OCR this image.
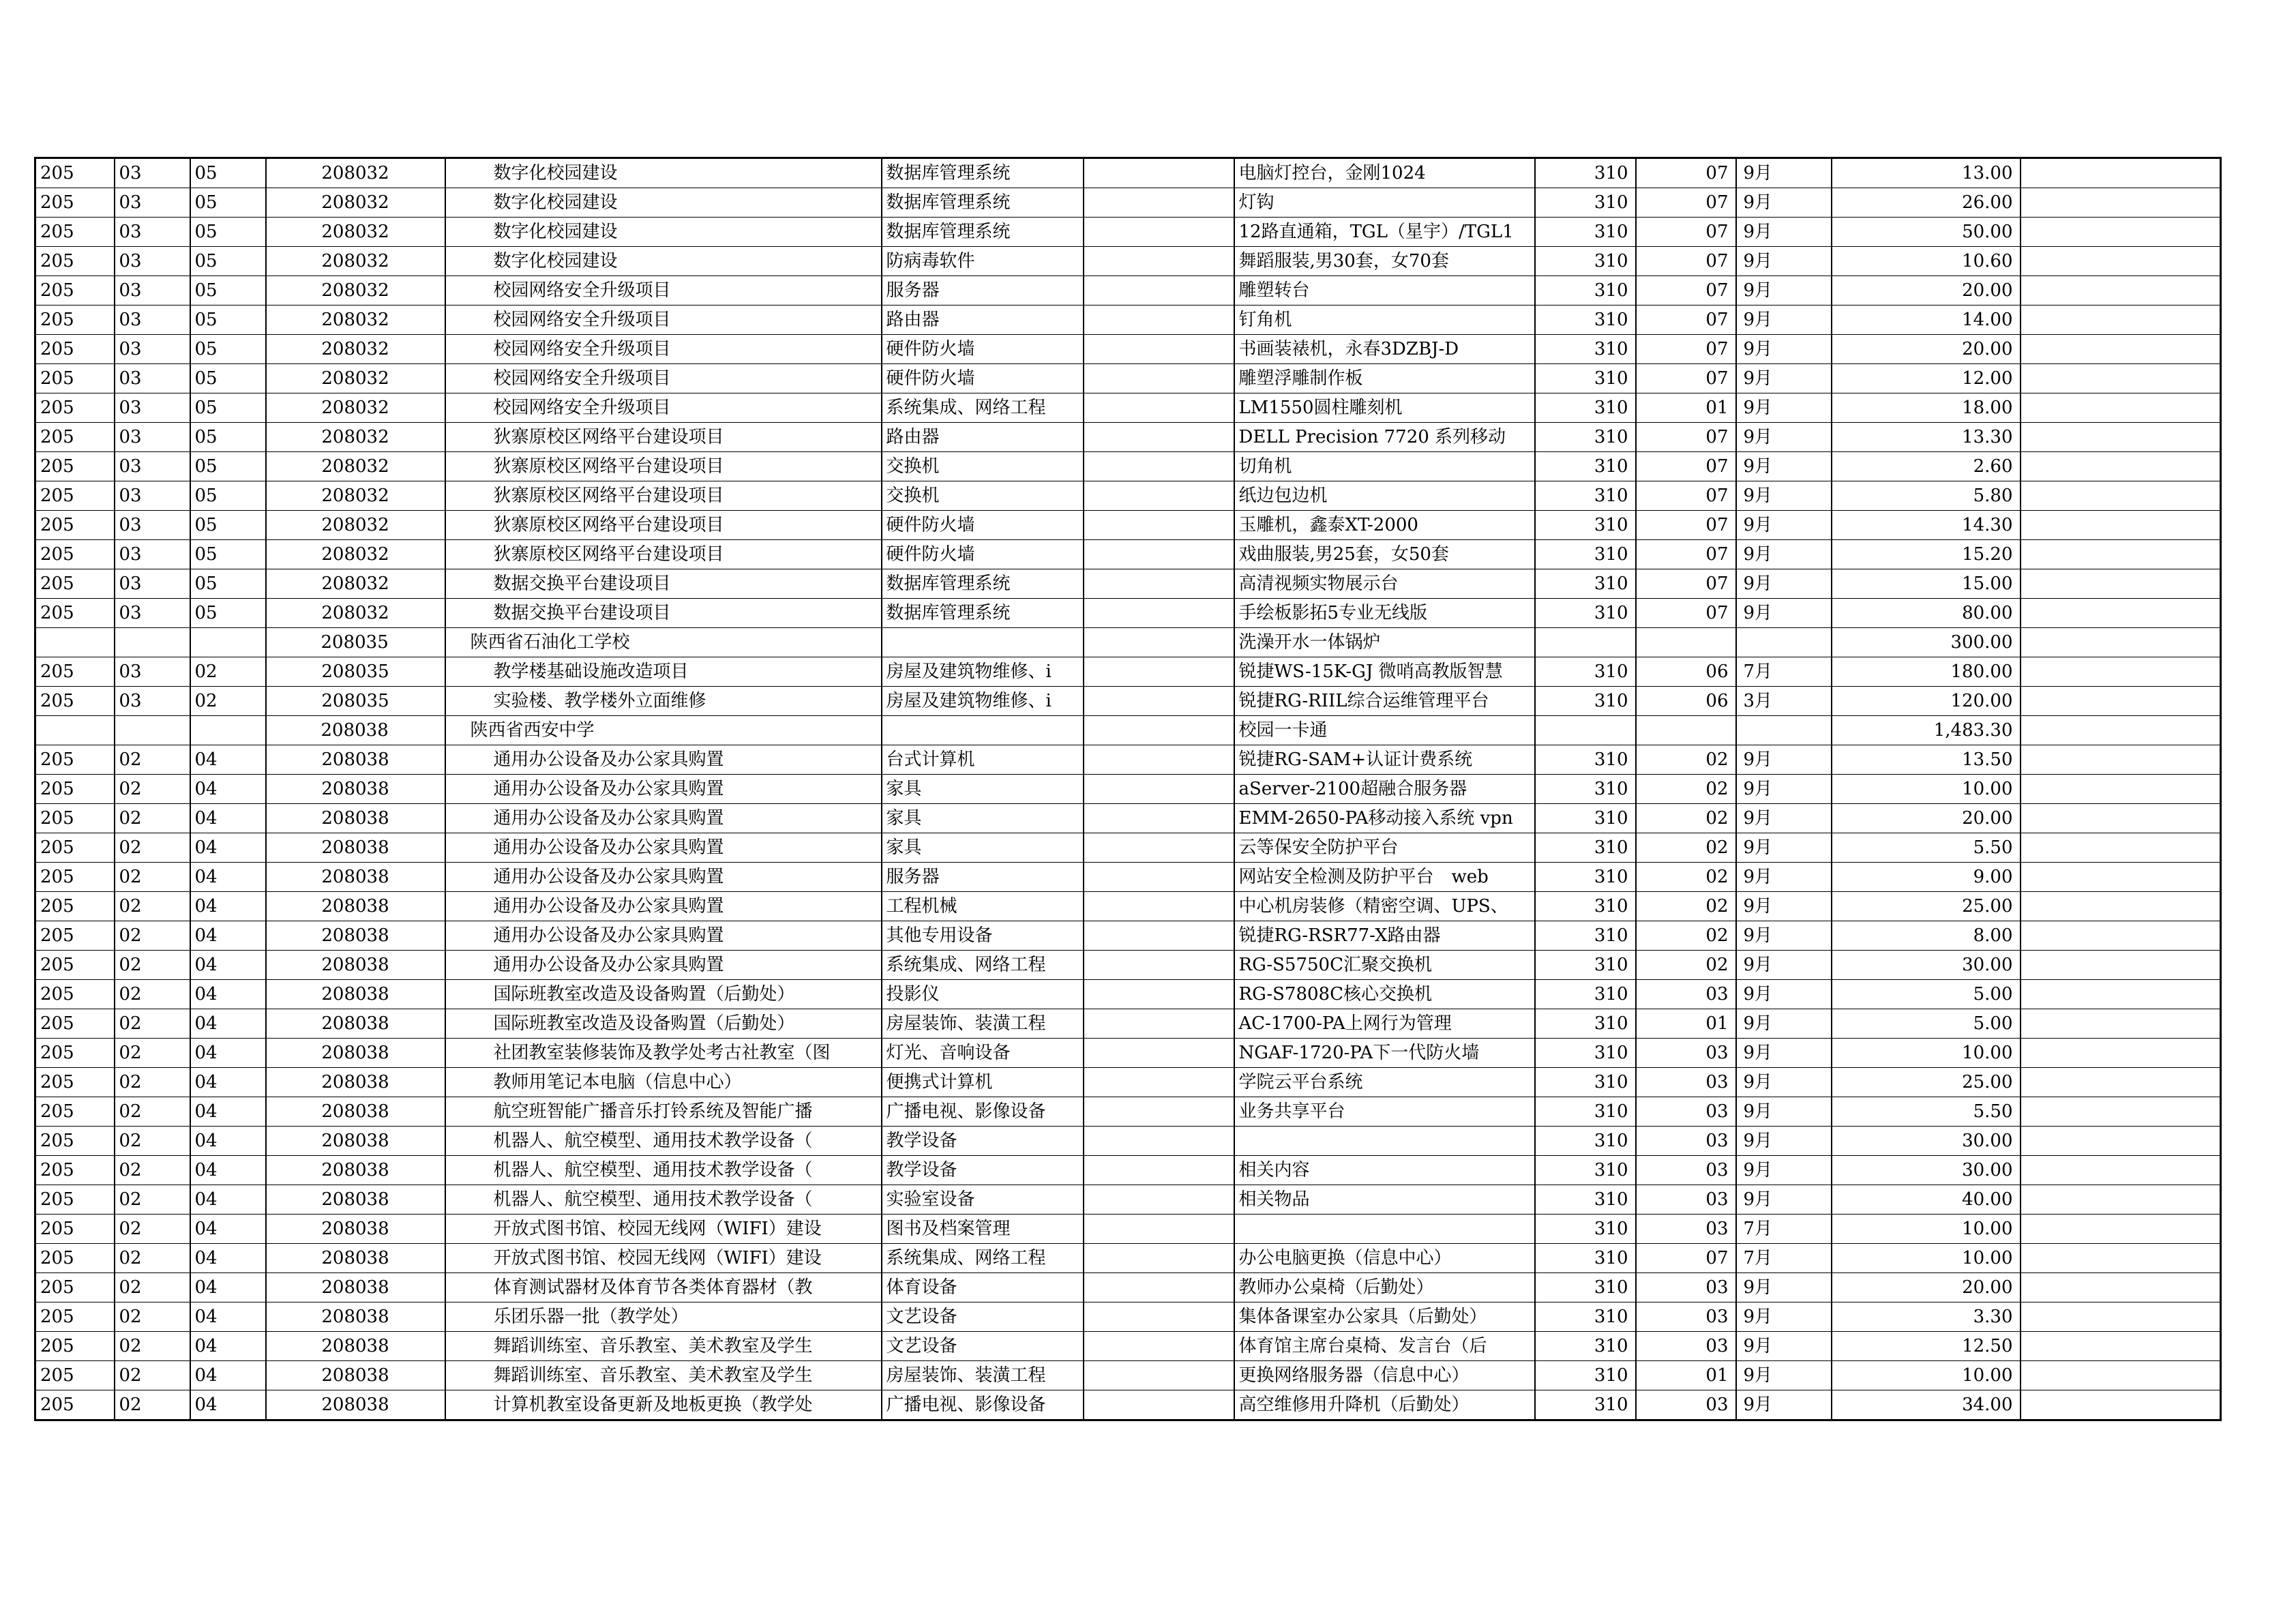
205	03	05	208032	数字化校园建设	数据库管理系统		电脑灯控台，金刚1024	310	07	9月	13.00	
205	03	05	208032	数字化校园建设	数据库管理系统		灯钩	310	07	9月	26.00	
205	03	05	208032	数字化校园建设	数据库管理系统		12路直通箱，TGL（星宇）/TGL1	310	07	9月	50.00	
205	03	05	208032	数字化校园建设	防病毒软件		舞蹈服装,男30套，女70套	310	07	9月	10.60	
205	03	05	208032	校园网络安全升级项目	服务器		雕塑转台	310	07	9月	20.00	
205	03	05	208032	校园网络安全升级项目	路由器		钉角机	310	07	9月	14.00	
205	03	05	208032	校园网络安全升级项目	硬件防火墙		书画装裱机，永春3DZBJ-D	310	07	9月	20.00	
205	03	05	208032	校园网络安全升级项目	硬件防火墙		雕塑浮雕制作板	310	07	9月	12.00	
205	03	05	208032	校园网络安全升级项目	系统集成、网络工程		LM1550圆柱雕刻机	310	01	9月	18.00	
205	03	05	208032	狄寨原校区网络平台建设项目	路由器		DELL Precision 7720 系列移动	310	07	9月	13.30	
205	03	05	208032	狄寨原校区网络平台建设项目	交换机		切角机	310	07	9月	2.60	
205	03	05	208032	狄寨原校区网络平台建设项目	交换机		纸边包边机	310	07	9月	5.80	
205	03	05	208032	狄寨原校区网络平台建设项目	硬件防火墙		玉雕机，鑫泰XT-2000	310	07	9月	14.30	
205	03	05	208032	狄寨原校区网络平台建设项目	硬件防火墙		戏曲服装,男25套，女50套	310	07	9月	15.20	
205	03	05	208032	数据交换平台建设项目	数据库管理系统		高清视频实物展示台	310	07	9月	15.00	
205	03	05	208032	数据交换平台建设项目	数据库管理系统		手绘板影拓5专业无线版	310	07	9月	80.00	
			208035	陕西省石油化工学校			洗澡开水一体锅炉				300.00	
205	03	02	208035	教学楼基础设施改造项目	房屋及建筑物维修、i		锐捷WS-15K-GJ 微哨高教版智慧	310	06	7月	180.00	
205	03	02	208035	实验楼、教学楼外立面维修	房屋及建筑物维修、i		锐捷RG-RIIL综合运维管理平台	310	06	3月	120.00	
			208038	陕西省西安中学			校园一卡通				1,483.30	
205	02	04	208038	通用办公设备及办公家具购置	台式计算机		锐捷RG-SAM+认证计费系统	310	02	9月	13.50	
205	02	04	208038	通用办公设备及办公家具购置	家具		aServer-2100超融合服务器	310	02	9月	10.00	
205	02	04	208038	通用办公设备及办公家具购置	家具		EMM-2650-PA移动接入系统 vpn	310	02	9月	20.00	
205	02	04	208038	通用办公设备及办公家具购置	家具		云等保安全防护平台	310	02	9月	5.50	
205	02	04	208038	通用办公设备及办公家具购置	服务器		网站安全检测及防护平台　web	310	02	9月	9.00	
205	02	04	208038	通用办公设备及办公家具购置	工程机械		中心机房装修（精密空调、UPS、	310	02	9月	25.00	
205	02	04	208038	通用办公设备及办公家具购置	其他专用设备		锐捷RG-RSR77-X路由器	310	02	9月	8.00	
205	02	04	208038	通用办公设备及办公家具购置	系统集成、网络工程		RG-S5750C汇聚交换机	310	02	9月	30.00	
205	02	04	208038	国际班教室改造及设备购置（后勤处）	投影仪		RG-S7808C核心交换机	310	03	9月	5.00	
205	02	04	208038	国际班教室改造及设备购置（后勤处）	房屋装饰、装潢工程		AC-1700-PA上网行为管理	310	01	9月	5.00	
205	02	04	208038	社团教室装修装饰及教学处考古社教室（图	灯光、音响设备		NGAF-1720-PA下一代防火墙	310	03	9月	10.00	
205	02	04	208038	教师用笔记本电脑（信息中心）	便携式计算机		学院云平台系统	310	03	9月	25.00	
205	02	04	208038	航空班智能广播音乐打铃系统及智能广播	广播电视、影像设备		业务共享平台	310	03	9月	5.50	
205	02	04	208038	机器人、航空模型、通用技术教学设备（	教学设备			310	03	9月	30.00	
205	02	04	208038	机器人、航空模型、通用技术教学设备（	教学设备		相关内容	310	03	9月	30.00	
205	02	04	208038	机器人、航空模型、通用技术教学设备（	实验室设备		相关物品	310	03	9月	40.00	
205	02	04	208038	开放式图书馆、校园无线网（WIFI）建设	图书及档案管理			310	03	7月	10.00	
205	02	04	208038	开放式图书馆、校园无线网（WIFI）建设	系统集成、网络工程		办公电脑更换（信息中心）	310	07	7月	10.00	
205	02	04	208038	体育测试器材及体育节各类体育器材（教	体育设备		教师办公桌椅（后勤处）	310	03	9月	20.00	
205	02	04	208038	乐团乐器一批（教学处）	文艺设备		集体备课室办公家具（后勤处）	310	03	9月	3.30	
205	02	04	208038	舞蹈训练室、音乐教室、美术教室及学生	文艺设备		体育馆主席台桌椅、发言台（后	310	03	9月	12.50	
205	02	04	208038	舞蹈训练室、音乐教室、美术教室及学生	房屋装饰、装潢工程		更换网络服务器（信息中心）	310	01	9月	10.00	
205	02	04	208038	计算机教室设备更新及地板更换（教学处	广播电视、影像设备		高空维修用升降机（后勤处）	310	03	9月	34.00	
